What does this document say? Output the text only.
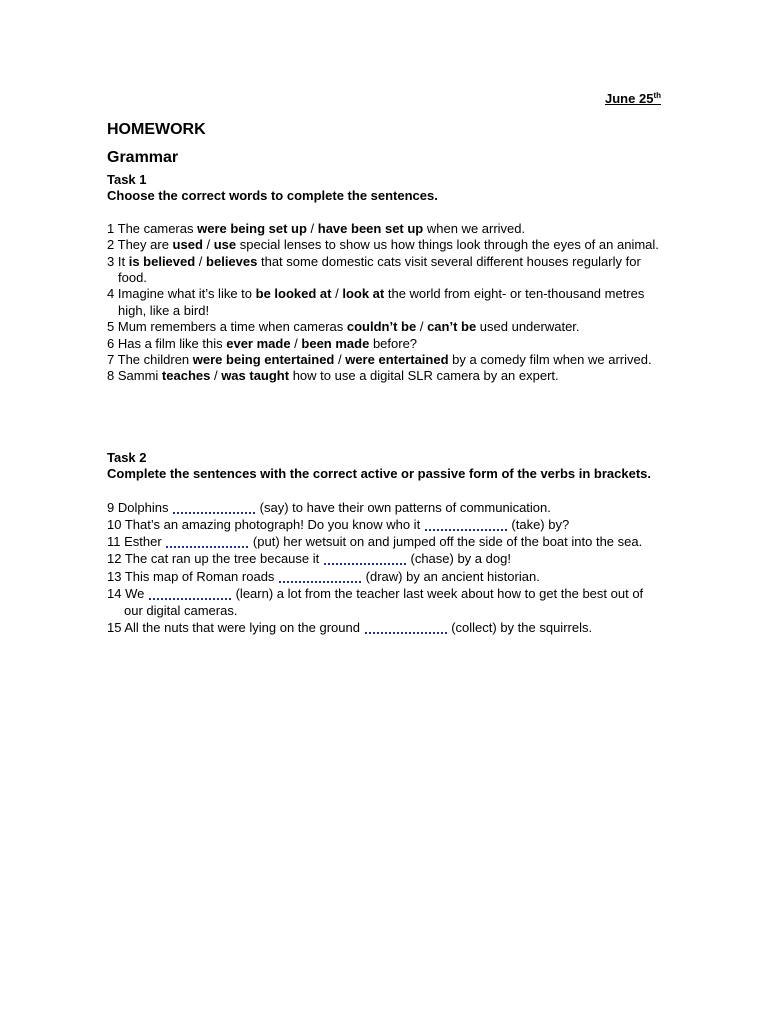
June 25th
HOMEWORK
Grammar
Task 1
Choose the correct words to complete the sentences.
1 The cameras were being set up / have been set up when we arrived.
2 They are used / use special lenses to show us how things look through the eyes of an animal.
3 It is believed / believes that some domestic cats visit several different houses regularly for food.
4 Imagine what it’s like to be looked at / look at the world from eight- or ten-thousand metres high, like a bird!
5 Mum remembers a time when cameras couldn’t be / can’t be used underwater.
6 Has a film like this ever made / been made before?
7 The children were being entertained / were entertained by a comedy film when we arrived.
8 Sammi teaches / was taught how to use a digital SLR camera by an expert.
Task 2
Complete the sentences with the correct active or passive form of the verbs in brackets.
9 Dolphins	(say) to have their own patterns of communication.
10 That’s an amazing photograph! Do you know who it	(take) by?
11 Esther	(put) her wetsuit on and jumped off the side of the boat into the sea.
12 The cat ran up the tree because it	(chase) by a dog!
13 This map of Roman roads	(draw) by an ancient historian.
14 We	(learn) a lot from the teacher last week about how to get the best out of our digital cameras.
15 All the nuts that were lying on the ground	(collect) by the squirrels.
